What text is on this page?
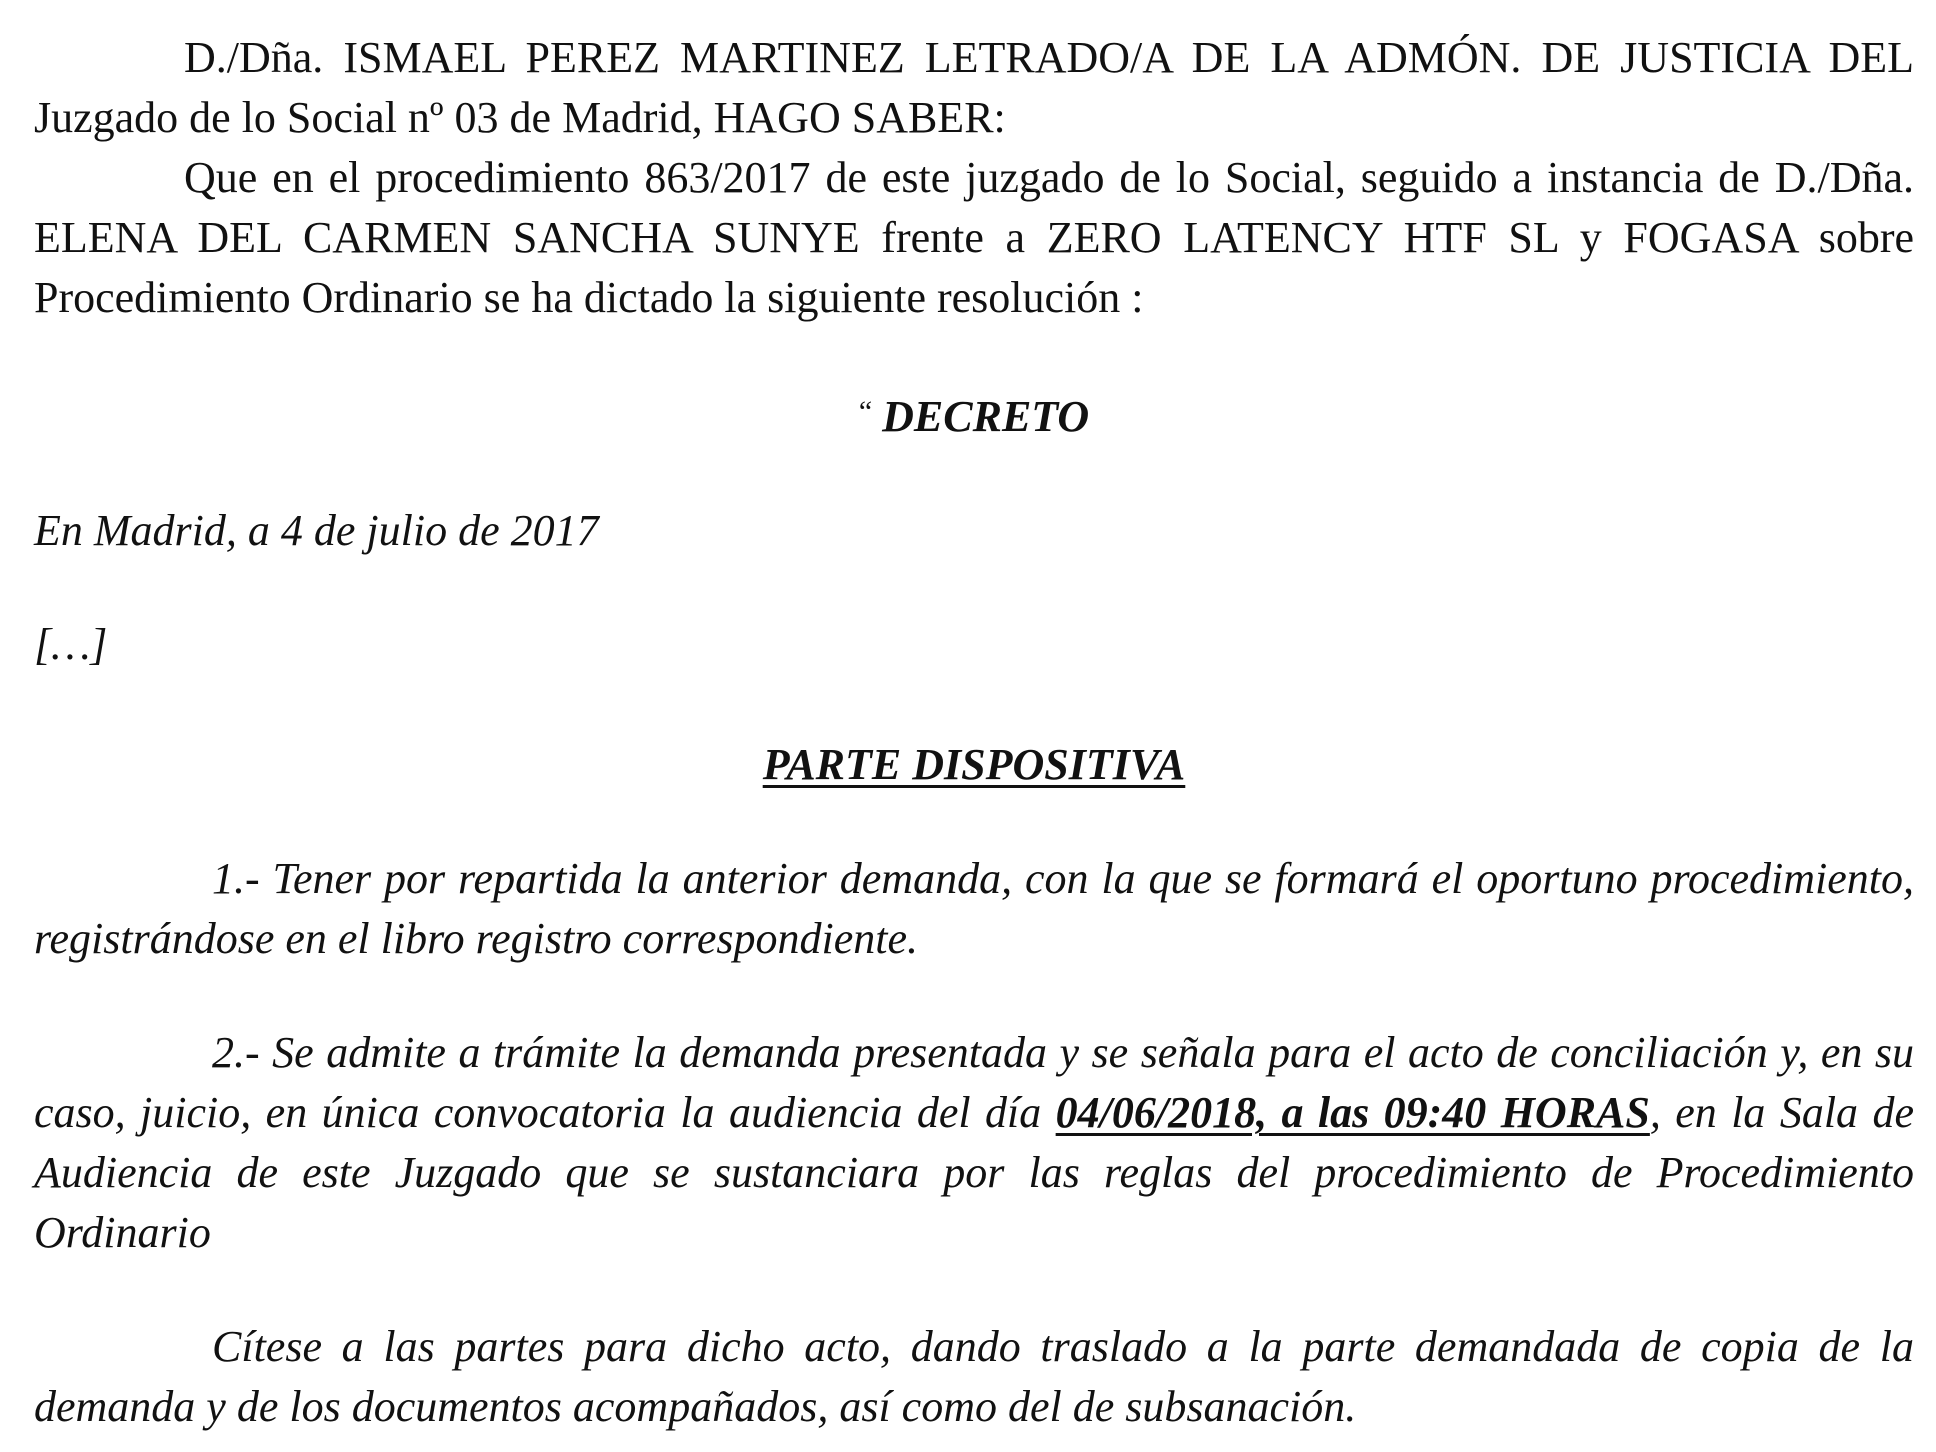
D./Dña. ISMAEL PEREZ MARTINEZ LETRADO/A DE LA ADMÓN. DE JUSTICIA DEL Juzgado de lo Social nº 03 de Madrid, HAGO SABER:

Que en el procedimiento 863/2017 de este juzgado de lo Social, seguido a instancia de D./Dña. ELENA DEL CARMEN SANCHA SUNYE frente a ZERO LATENCY HTF SL y FOGASA sobre Procedimiento Ordinario se ha dictado la siguiente resolución :

“ DECRETO

En Madrid, a 4 de julio de 2017

[…]

PARTE DISPOSITIVA

1.- Tener por repartida la anterior demanda, con la que se formará el oportuno procedimiento, registrándose en el libro registro correspondiente.

2.- Se admite a trámite la demanda presentada y se señala para el acto de conciliación y, en su caso, juicio, en única convocatoria la audiencia del día 04/06/2018, a las 09:40 HORAS, en la Sala de Audiencia de este Juzgado que se sustanciara por las reglas del procedimiento de Procedimiento Ordinario

Cítese a las partes para dicho acto, dando traslado a la parte demandada de copia de la demanda y de los documentos acompañados, así como del de subsanación.
